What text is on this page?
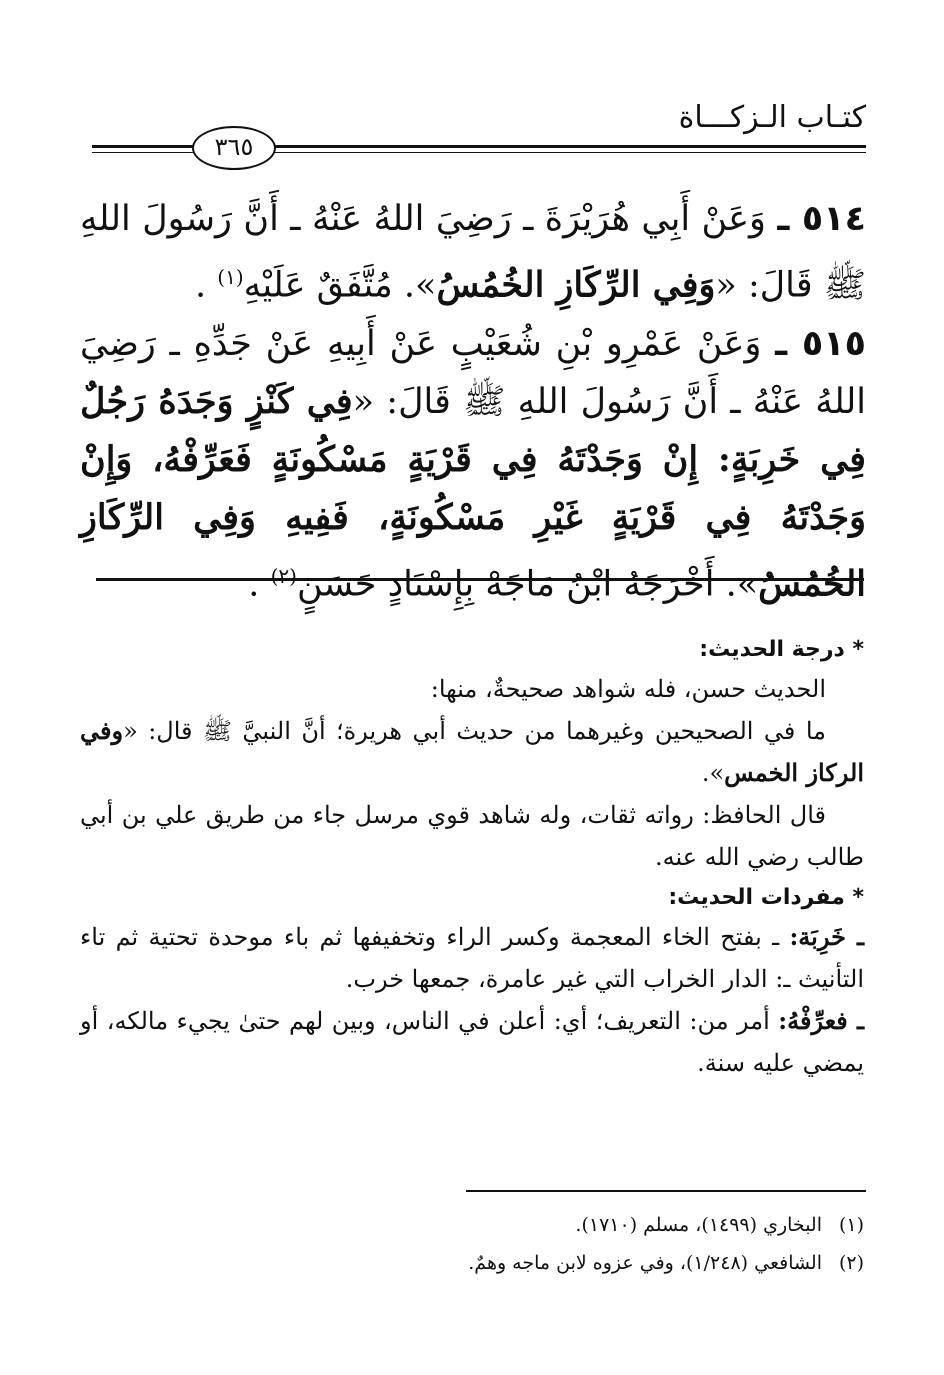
كتـاب الـزكـــاة
٣٦٥

٥١٤ ـ وَعَنْ أَبِي هُرَيْرَةَ ـ رَضِيَ اللهُ عَنْهُ ـ أَنَّ رَسُولَ اللهِ ﷺ قَالَ: «وَفِي الرِّكَازِ الخُمُسُ». مُتَّفَقٌ عَلَيْهِ$^{(١)}$ .

٥١٥ ـ وَعَنْ عَمْرِو بْنِ شُعَيْبٍ عَنْ أَبِيهِ عَنْ جَدِّهِ ـ رَضِيَ اللهُ عَنْهُ ـ أَنَّ رَسُولَ اللهِ ﷺ قَالَ: «فِي كَنْزٍ وَجَدَهُ رَجُلٌ فِي خَرِبَةٍ: إِنْ وَجَدْتَهُ فِي قَرْيَةٍ مَسْكُونَةٍ فَعَرِّفْهُ، وَإِنْ وَجَدْتَهُ فِي قَرْيَةٍ غَيْرِ مَسْكُونَةٍ، فَفِيهِ وَفِي الرِّكَازِ الخُمُسُ». أَخْرَجَهُ ابْنُ مَاجَهْ بِإِسْنَادٍ حَسَنٍ$^{(٢)}$ .

* درجة الحديث:

الحديث حسن، فله شواهد صحيحةٌ، منها:

ما في الصحيحين وغيرهما من حديث أبي هريرة؛ أنَّ النبيَّ ﷺ قال: «وفي الركاز الخمس».

قال الحافظ: رواته ثقات، وله شاهد قوي مرسل جاء من طريق علي بن أبي طالب رضي الله عنه.

* مفردات الحديث:

ـ خَرِبَة: ـ بفتح الخاء المعجمة وكسر الراء وتخفيفها ثم باء موحدة تحتية ثم تاء التأنيث ـ: الدار الخراب التي غير عامرة، جمعها خرب.

ـ فعرِّفْهُ: أمر من: التعريف؛ أي: أعلن في الناس، وبين لهم حتىٰ يجيء مالكه، أو يمضي عليه سنة.

(١)البخاري (١٤٩٩)، مسلم (١٧١٠).

(٢)الشافعي (١/٢٤٨)، وفي عزوه لابن ماجه وهمٌ.
